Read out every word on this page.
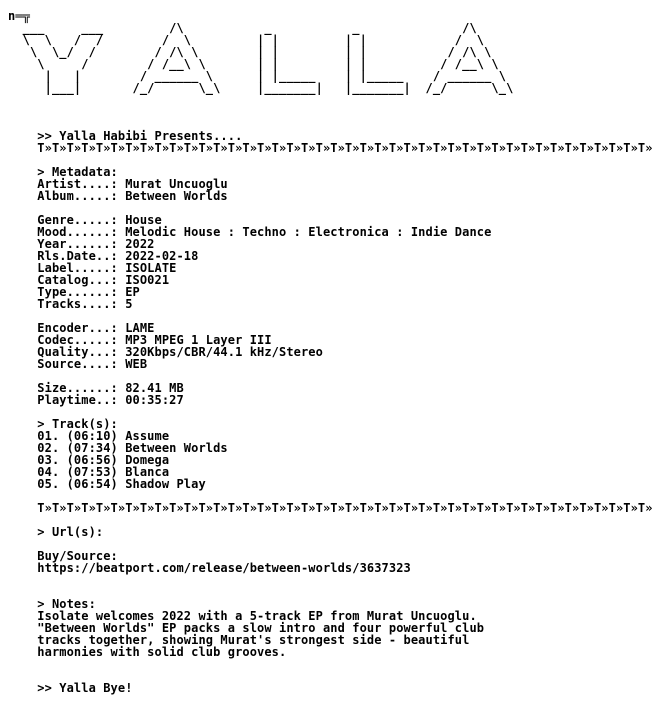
n═╦
___     ___         /\           _           _              /\
\  \   /  /        /  \         | |         | |            /  \
\  \_/  /        / /\ \        | |         | |           / /\ \
\     /        / /__\ \       | |         | |          / /__\ \
|   |        / ______ \      | |_____    | |_____    / ______ \
|___|       /_/      \_\     |_______|   |_______|  /_/      \_\
>> Yalla Habibi Presents....
T»T»T»T»T»T»T»T»T»T»T»T»T»T»T»T»T»T»T»T»T»T»T»T»T»T»T»T»T»T»T»T»T»T»T»T»T»T»T»T»T»T»
> Metadata:
Artist....: Murat Uncuoglu
Album.....: Between Worlds
Genre.....: House
Mood......: Melodic House : Techno : Electronica : Indie Dance
Year......: 2022
Rls.Date..: 2022-02-18
Label.....: ISOLATE
Catalog...: ISO021
Type......: EP
Tracks....: 5
Encoder...: LAME
Codec.....: MP3 MPEG 1 Layer III
Quality...: 320Kbps/CBR/44.1 kHz/Stereo
Source....: WEB
Size......: 82.41 MB
Playtime..: 00:35:27
> Track(s):
01. (06:10) Assume
02. (07:34) Between Worlds
03. (06:56) Domega
04. (07:53) Blanca
05. (06:54) Shadow Play
T»T»T»T»T»T»T»T»T»T»T»T»T»T»T»T»T»T»T»T»T»T»T»T»T»T»T»T»T»T»T»T»T»T»T»T»T»T»T»T»T»T»
> Url(s):
Buy/Source:
https://beatport.com/release/between-worlds/3637323
> Notes:
Isolate welcomes 2022 with a 5-track EP from Murat Uncuoglu.
"Between Worlds" EP packs a slow intro and four powerful club
tracks together, showing Murat's strongest side - beautiful
harmonies with solid club grooves.
>> Yalla Bye!
